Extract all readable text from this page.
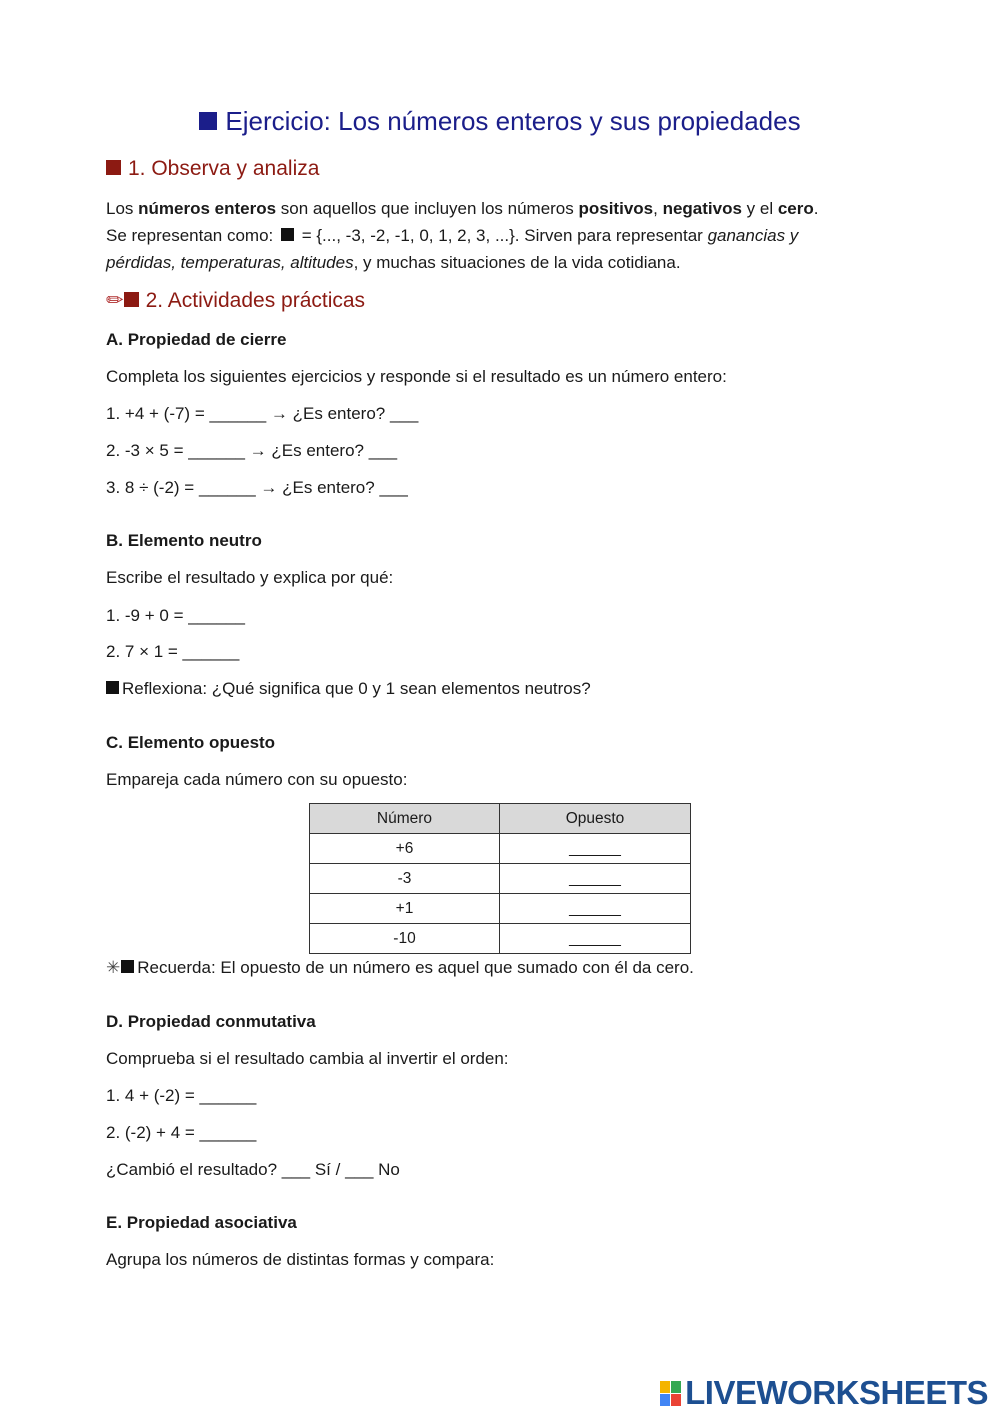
Ejercicio: Los números enteros y sus propiedades
1. Observa y analiza
Los números enteros son aquellos que incluyen los números positivos, negativos y el cero.
Se representan como:  = {..., -3, -2, -1, 0, 1, 2, 3, ...}. Sirven para representar ganancias y
pérdidas, temperaturas, altitudes, y muchas situaciones de la vida cotidiana.
✏ 2. Actividades prácticas
A. Propiedad de cierre
Completa los siguientes ejercicios y responde si el resultado es un número entero:
1. +4 + (-7) = ______ → ¿Es entero? ___
2. -3 × 5 = ______ → ¿Es entero? ___
3. 8 ÷ (-2) = ______ → ¿Es entero? ___
B. Elemento neutro
Escribe el resultado y explica por qué:
1. -9 + 0 = ______
2. 7 × 1 = ______
Reflexiona: ¿Qué significa que 0 y 1 sean elementos neutros?
C. Elemento opuesto
Empareja cada número con su opuesto:
Número	Opuesto
+6	______
-3	______
+1	______
-10	______
✳ Recuerda: El opuesto de un número es aquel que sumado con él da cero.
D. Propiedad conmutativa
Comprueba si el resultado cambia al invertir el orden:
1. 4 + (-2) = ______
2. (-2) + 4 = ______
¿Cambió el resultado? ___ Sí / ___ No
E. Propiedad asociativa
Agrupa los números de distintas formas y compara:
LIVEWORKSHEETS
